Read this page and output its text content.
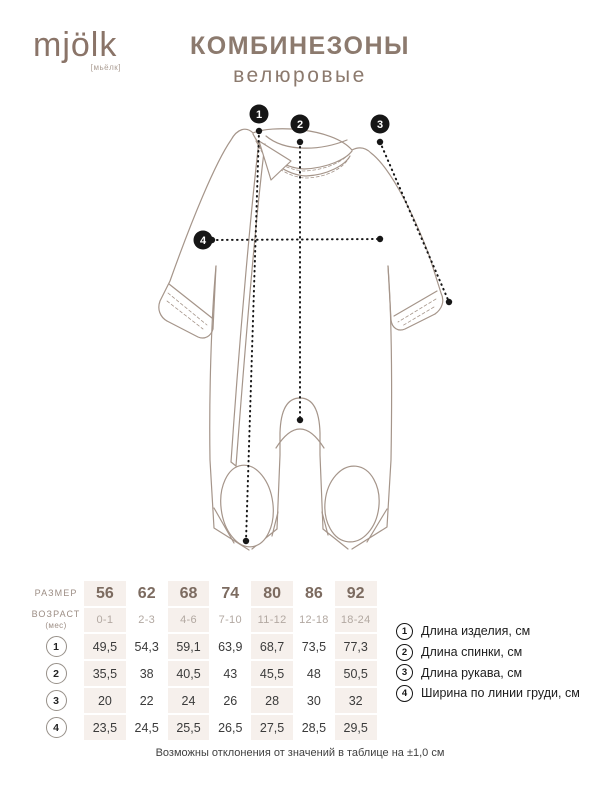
mjölk
[мьёлк]
КОМБИНЕЗОНЫ
велюровые
1
2	3
4
РАЗМЕР	56	62	68	74	80	86	92
ВОЗРАСТ
(мес)	0-1	2-3	4-6	7-10	11-12	12-18	18-24
1	49,5	54,3	59,1	63,9	68,7	73,5	77,3
2	35,5	38	40,5	43	45,5	48	50,5
3	20	22	24	26	28	30	32
4	23,5	24,5	25,5	26,5	27,5	28,5	29,5
1	Длина изделия, см
2	Длина спинки, см
3	Длина рукава, см
4	Ширина по линии груди, см
Возможны отклонения от значений в таблице на ±1,0 см
